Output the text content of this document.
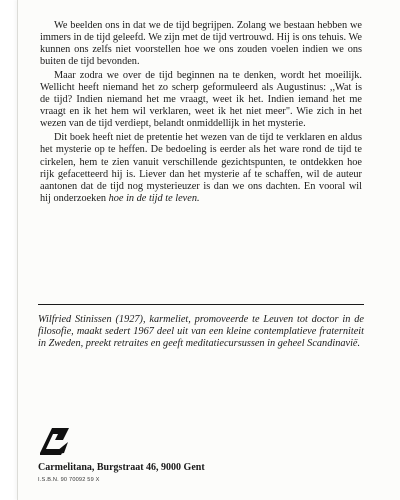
We beelden ons in dat we de tijd begrijpen. Zolang we bestaan hebben we immers in de tijd geleefd. We zijn met de tijd vertrouwd. Hij is ons tehuis. We kunnen ons zelfs niet voorstellen hoe we ons zouden voelen indien we ons buiten de tijd bevonden.

Maar zodra we over de tijd beginnen na te denken, wordt het moeilijk. Wellicht heeft niemand het zo scherp geformuleerd als Augustinus: ,,Wat is de tijd? Indien niemand het me vraagt, weet ik het. Indien iemand het me vraagt en ik het hem wil verklaren, weet ik het niet meer". Wie zich in het wezen van de tijd verdiept, belandt onmiddellijk in het mysterie.

Dit boek heeft niet de pretentie het wezen van de tijd te verklaren en aldus het mysterie op te heffen. De bedoeling is eerder als het ware rond de tijd te cirkelen, hem te zien vanuit verschillende gezichtspunten, te ontdekken hoe rijk gefacetteerd hij is. Liever dan het mysterie af te schaffen, wil de auteur aantonen dat de tijd nog mysterieuzer is dan we ons dachten. En vooral wil hij onderzoeken hoe in de tijd te leven.

Wilfried Stinissen (1927), karmeliet, promoveerde te Leuven tot doctor in de filosofie, maakt sedert 1967 deel uit van een kleine contemplatieve fraterniteit in Zweden, preekt retraites en geeft meditatiecursussen in geheel Scandinavië.
Carmelitana, Burgstraat 46, 9000 Gent
I.S.B.N. 90 70092 59 X
